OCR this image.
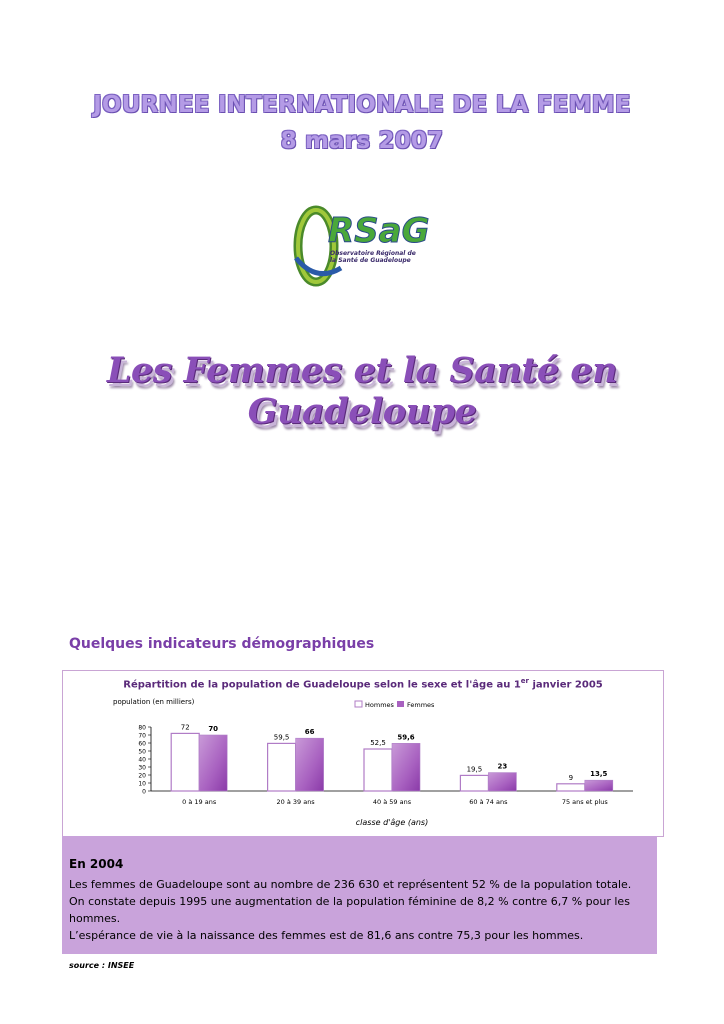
JOURNEE INTERNATIONALE DE LA FEMME
8 mars 2007
RSaG
Observatoire Régional de
la Santé de Guadeloupe
Les Femmes et la Santé en Guadeloupe
Quelques indicateurs démographiques
Répartition de la population de Guadeloupe selon le sexe et l'âge au 1er janvier 2005
population (en milliers)
0
10
20
30
40
50
60
70
80	72	70
0 à 19 ans
59,5
66
20 à 39 ans
52,5
59,6
40 à 59 ans
19,5 23
60 à 74 ans
9 13,5
75 ans et plus
classe d'âge (ans)
Hommes Femmes
En 2004

Les femmes de Guadeloupe sont au nombre de 236 630 et représentent 52 % de la population totale.

On constate depuis 1995 une augmentation de la population féminine de 8,2 % contre 6,7 % pour les hommes.

L’espérance de vie à la naissance des femmes est de 81,6 ans contre 75,3 pour les hommes.

source : INSEE
